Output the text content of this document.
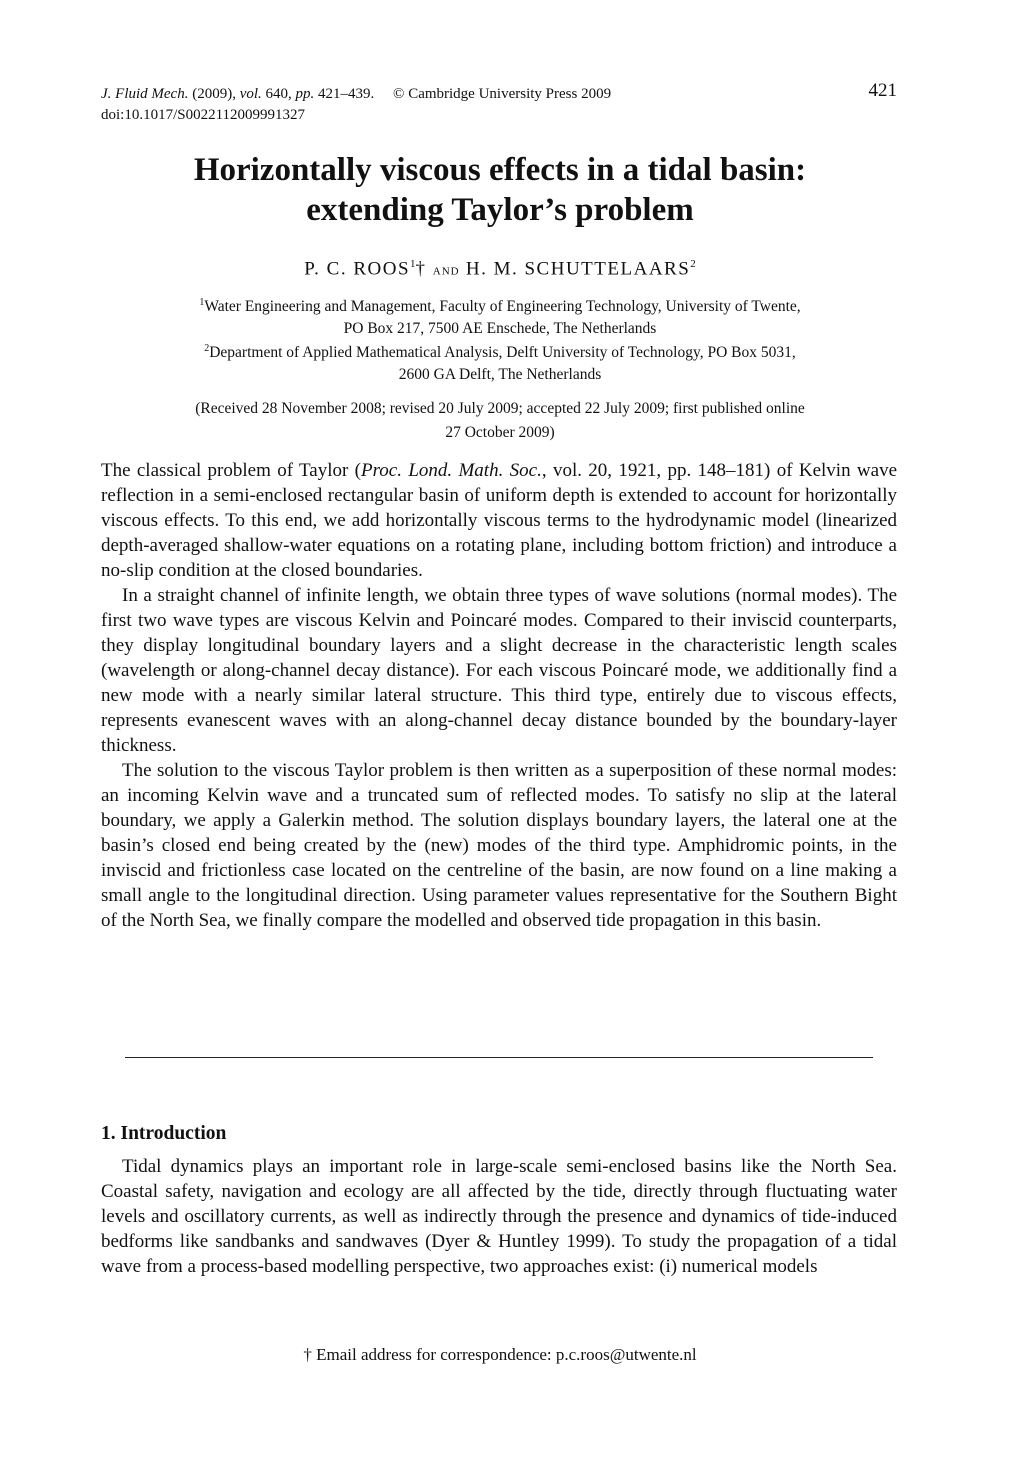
J. Fluid Mech. (2009), vol. 640, pp. 421–439. © Cambridge University Press 2009	421
doi:10.1017/S0022112009991327
Horizontally viscous effects in a tidal basin:
extending Taylor’s problem
P. C. ROOS$^1$† and H. M. SCHUTTELAARS$^2$
$^1$Water Engineering and Management, Faculty of Engineering Technology, University of Twente,
PO Box 217, 7500 AE Enschede, The Netherlands
$^2$Department of Applied Mathematical Analysis, Delft University of Technology, PO Box 5031,
2600 GA Delft, The Netherlands
(Received 28 November 2008; revised 20 July 2009; accepted 22 July 2009; first published online
27 October 2009)

The classical problem of Taylor (Proc. Lond. Math. Soc., vol. 20, 1921, pp. 148–181) of Kelvin wave reflection in a semi-enclosed rectangular basin of uniform depth is extended to account for horizontally viscous effects. To this end, we add horizontally viscous terms to the hydrodynamic model (linearized depth-averaged shallow-water equations on a rotating plane, including bottom friction) and introduce a no-slip condition at the closed boundaries.

In a straight channel of infinite length, we obtain three types of wave solutions (normal modes). The first two wave types are viscous Kelvin and Poincaré modes. Compared to their inviscid counterparts, they display longitudinal boundary layers and a slight decrease in the characteristic length scales (wavelength or along-channel decay distance). For each viscous Poincaré mode, we additionally find a new mode with a nearly similar lateral structure. This third type, entirely due to viscous effects, represents evanescent waves with an along-channel decay distance bounded by the boundary-layer thickness.

The solution to the viscous Taylor problem is then written as a superposition of these normal modes: an incoming Kelvin wave and a truncated sum of reflected modes. To satisfy no slip at the lateral boundary, we apply a Galerkin method. The solution displays boundary layers, the lateral one at the basin’s closed end being created by the (new) modes of the third type. Amphidromic points, in the inviscid and frictionless case located on the centreline of the basin, are now found on a line making a small angle to the longitudinal direction. Using parameter values representative for the Southern Bight of the North Sea, we finally compare the modelled and observed tide propagation in this basin.

1. Introduction

Tidal dynamics plays an important role in large-scale semi-enclosed basins like the North Sea. Coastal safety, navigation and ecology are all affected by the tide, directly through fluctuating water levels and oscillatory currents, as well as indirectly through the presence and dynamics of tide-induced bedforms like sandbanks and sandwaves (Dyer & Huntley 1999). To study the propagation of a tidal wave from a process-based modelling perspective, two approaches exist: (i) numerical models

† Email address for correspondence: p.c.roos@utwente.nl
